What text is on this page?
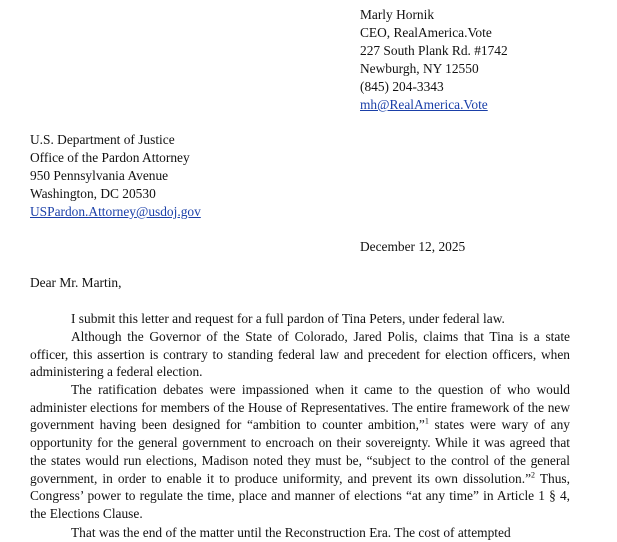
Marly Hornik
CEO, RealAmerica.Vote
227 South Plank Rd. #1742
Newburgh, NY 12550
(845) 204-3343
mh@RealAmerica.Vote
U.S. Department of Justice
Office of the Pardon Attorney
950 Pennsylvania Avenue
Washington, DC 20530
USPardon.Attorney@usdoj.gov
December 12, 2025
Dear Mr. Martin,
I submit this letter and request for a full pardon of Tina Peters, under federal law.
Although the Governor of the State of Colorado, Jared Polis, claims that Tina is a state officer, this assertion is contrary to standing federal law and precedent for election officers, when administering a federal election.
The ratification debates were impassioned when it came to the question of who would administer elections for members of the House of Representatives. The entire framework of the new government having been designed for “ambition to counter ambition,”$^1$ states were wary of any opportunity for the general government to encroach on their sovereignty. While it was agreed that the states would run elections, Madison noted they must be, “subject to the control of the general government, in order to enable it to produce uniformity, and prevent its own dissolution.”$^2$ Thus, Congress’ power to regulate the time, place and manner of elections “at any time” in Article 1 § 4, the Elections Clause.
That was the end of the matter until the Reconstruction Era. The cost of attempted
